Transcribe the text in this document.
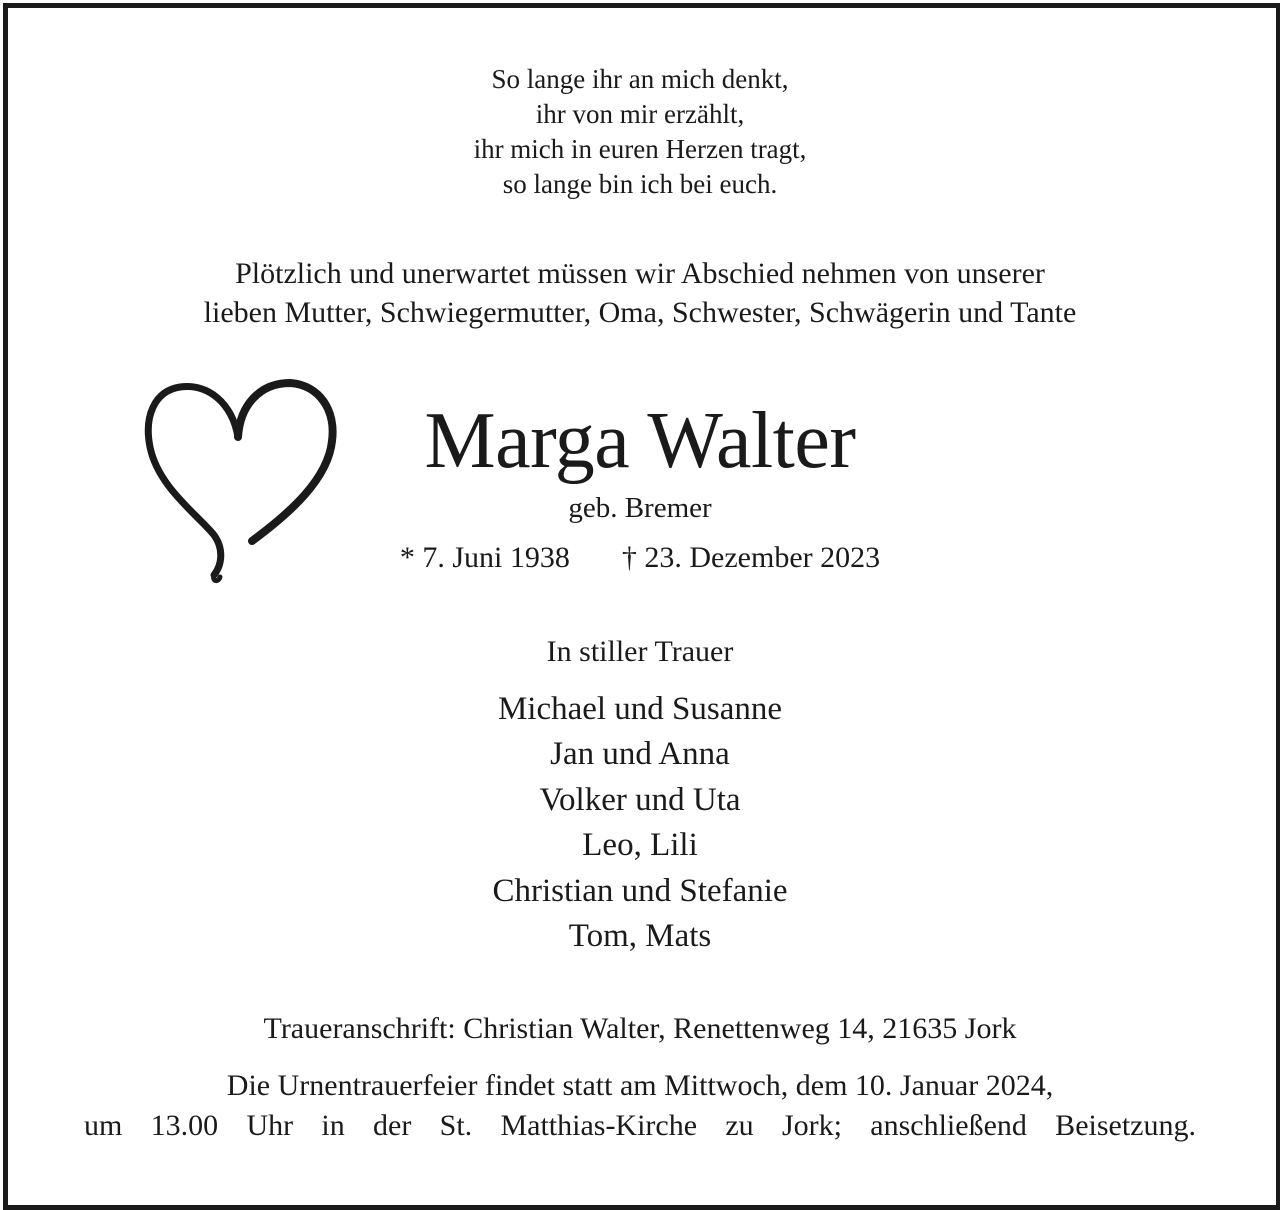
So lange ihr an mich denkt,
ihr von mir erzählt,
ihr mich in euren Herzen tragt,
so lange bin ich bei euch.
Plötzlich und unerwartet müssen wir Abschied nehmen von unserer
lieben Mutter, Schwiegermutter, Oma, Schwester, Schwägerin und Tante
Marga Walter
geb. Bremer
* 7. Juni 1938 † 23. Dezember 2023
In stiller Trauer
Michael und Susanne
Jan und Anna
Volker und Uta
Leo, Lili
Christian und Stefanie
Tom, Mats
Traueranschrift: Christian Walter, Renettenweg 14, 21635 Jork
Die Urnentrauerfeier findet statt am Mittwoch, dem 10. Januar 2024,
um 13.00 Uhr in der St. Matthias-Kirche zu Jork; anschließend Beisetzung.
